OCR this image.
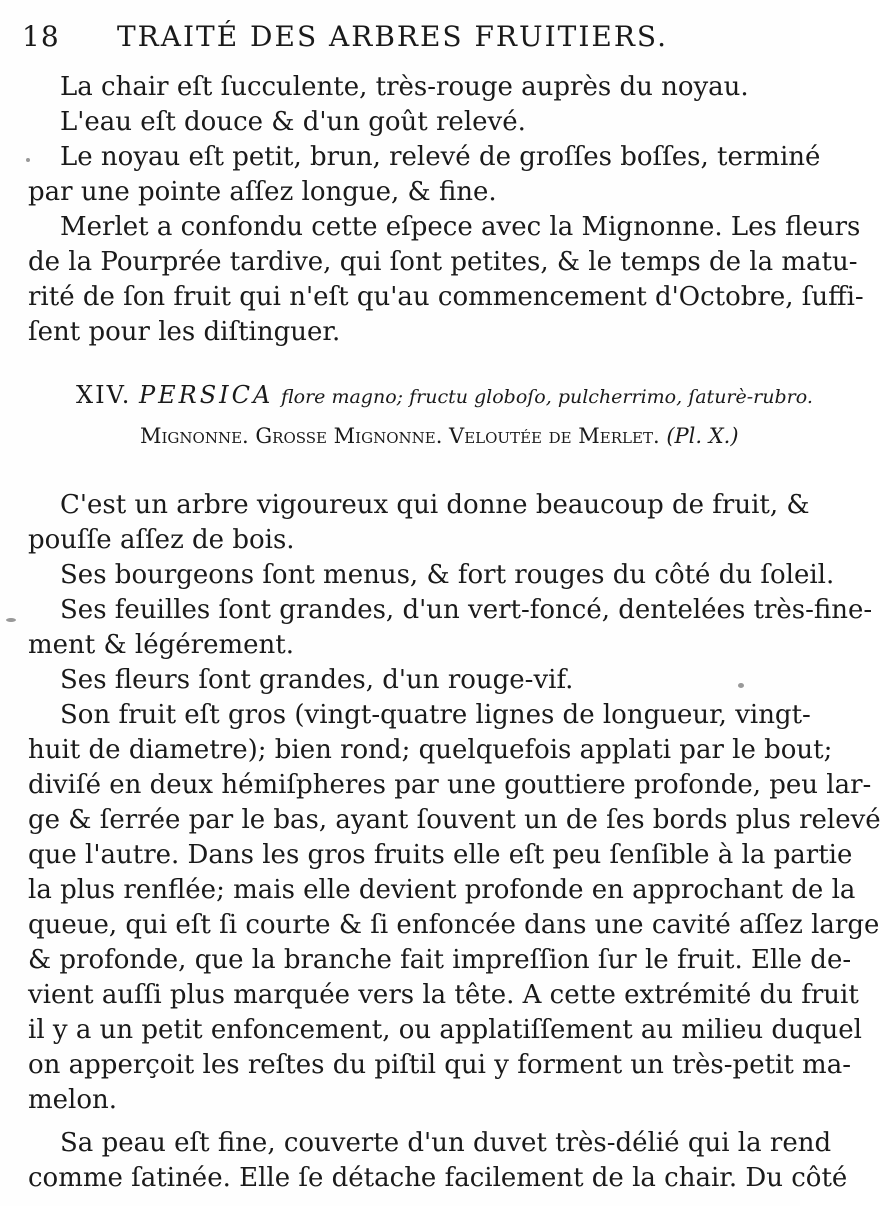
18 TRAITÉ DES ARBRES FRUITIERS.
La chair eſt ſucculente, très-rouge auprès du noyau.
L'eau eſt douce & d'un goût relevé.
Le noyau eſt petit, brun, relevé de groſſes boſſes, terminé
par une pointe aſſez longue, & fine.
Merlet a confondu cette eſpece avec la Mignonne. Les fleurs
de la Pourprée tardive, qui ſont petites, & le temps de la matu-
rité de ſon fruit qui n'eſt qu'au commencement d'Octobre, ſuffi-
ſent pour les diſtinguer.
XIV. PERSICA flore magno; fructu globoſo, pulcherrimo, ſaturè-rubro.
Mignonne. Groſſe Mignonne. Veloutée de Merlet. (Pl. X.)
C'est un arbre vigoureux qui donne beaucoup de fruit, &
pouſſe aſſez de bois.
Ses bourgeons ſont menus, & fort rouges du côté du ſoleil.
Ses feuilles ſont grandes, d'un vert-foncé, dentelées très-fine-
ment & légérement.
Ses fleurs ſont grandes, d'un rouge-vif.
Son fruit eſt gros (vingt-quatre lignes de longueur, vingt-
huit de diametre); bien rond; quelquefois applati par le bout;
diviſé en deux hémiſpheres par une gouttiere profonde, peu lar-
ge & ſerrée par le bas, ayant ſouvent un de ſes bords plus relevé
que l'autre. Dans les gros fruits elle eſt peu ſenſible à la partie
la plus renflée; mais elle devient profonde en approchant de la
queue, qui eſt ſi courte & ſi enfoncée dans une cavité aſſez large
& profonde, que la branche fait impreſſion ſur le fruit. Elle de-
vient auſſi plus marquée vers la tête. A cette extrémité du fruit
il y a un petit enfoncement, ou applatiſſement au milieu duquel
on apperçoit les reſtes du piſtil qui y forment un très-petit ma-
melon.
Sa peau eſt fine, couverte d'un duvet très-délié qui la rend
comme ſatinée. Elle ſe détache facilement de la chair. Du côté
